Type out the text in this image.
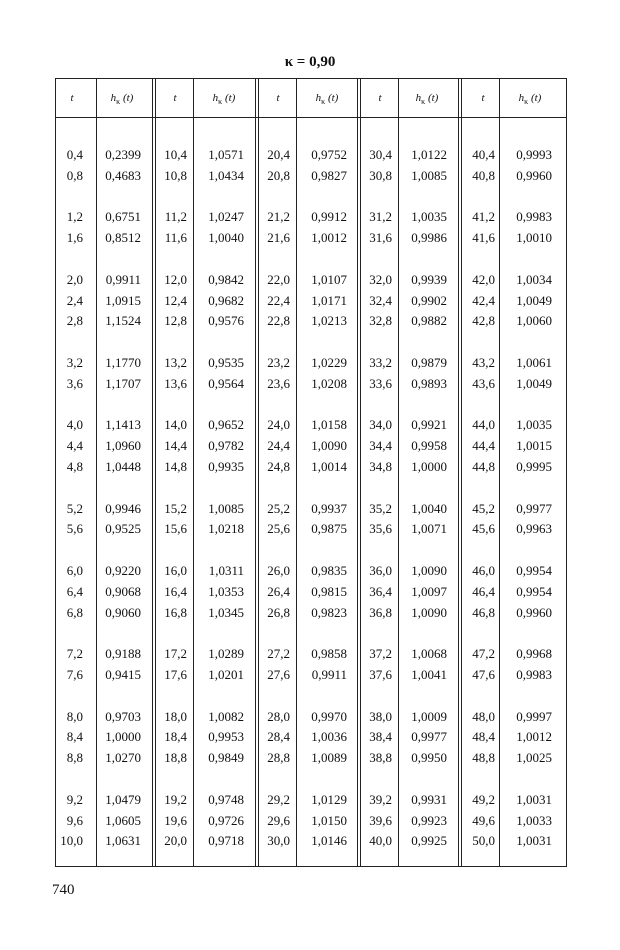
κ = 0,90
t	$h_\kappa$ (t)	t	$h_\kappa$ (t)	t	$h_\kappa$ (t)	t	$h_\kappa$ (t)	t	$h_\kappa$ (t)
0,4 0,2399 10,4 1,0571 20,4 0,9752 30,4 1,0122 40,4 0,9993
0,8 0,4683 10,8 1,0434 20,8 0,9827 30,8 1,0085 40,8 0,9960
1,2 0,6751 11,2 1,0247 21,2 0,9912 31,2 1,0035 41,2 0,9983
1,6 0,8512 11,6 1,0040 21,6 1,0012 31,6 0,9986 41,6 1,0010
2,0 0,9911 12,0 0,9842 22,0 1,0107 32,0 0,9939 42,0 1,0034
2,4 1,0915 12,4 0,9682 22,4 1,0171 32,4 0,9902 42,4 1,0049
2,8 1,1524 12,8 0,9576 22,8 1,0213 32,8 0,9882 42,8 1,0060
3,2 1,1770 13,2 0,9535 23,2 1,0229 33,2 0,9879 43,2 1,0061
3,6 1,1707 13,6 0,9564 23,6 1,0208 33,6 0,9893 43,6 1,0049
4,0 1,1413 14,0 0,9652 24,0 1,0158 34,0 0,9921 44,0 1,0035
4,4 1,0960 14,4 0,9782 24,4 1,0090 34,4 0,9958 44,4 1,0015
4,8 1,0448 14,8 0,9935 24,8 1,0014 34,8 1,0000 44,8 0,9995
5,2 0,9946 15,2 1,0085 25,2 0,9937 35,2 1,0040 45,2 0,9977
5,6 0,9525 15,6 1,0218 25,6 0,9875 35,6 1,0071 45,6 0,9963
6,0 0,9220 16,0 1,0311 26,0 0,9835 36,0 1,0090 46,0 0,9954
6,4 0,9068 16,4 1,0353 26,4 0,9815 36,4 1,0097 46,4 0,9954
6,8 0,9060 16,8 1,0345 26,8 0,9823 36,8 1,0090 46,8 0,9960
7,2 0,9188 17,2 1,0289 27,2 0,9858 37,2 1,0068 47,2 0,9968
7,6 0,9415 17,6 1,0201 27,6 0,9911 37,6 1,0041 47,6 0,9983
8,0 0,9703 18,0 1,0082 28,0 0,9970 38,0 1,0009 48,0 0,9997
8,4 1,0000 18,4 0,9953 28,4 1,0036 38,4 0,9977 48,4 1,0012
8,8 1,0270 18,8 0,9849 28,8 1,0089 38,8 0,9950 48,8 1,0025
9,2 1,0479 19,2 0,9748 29,2 1,0129 39,2 0,9931 49,2 1,0031
9,6 1,0605 19,6 0,9726 29,6 1,0150 39,6 0,9923 49,6 1,0033
10,0 1,0631 20,0 0,9718 30,0 1,0146 40,0 0,9925 50,0 1,0031
740
